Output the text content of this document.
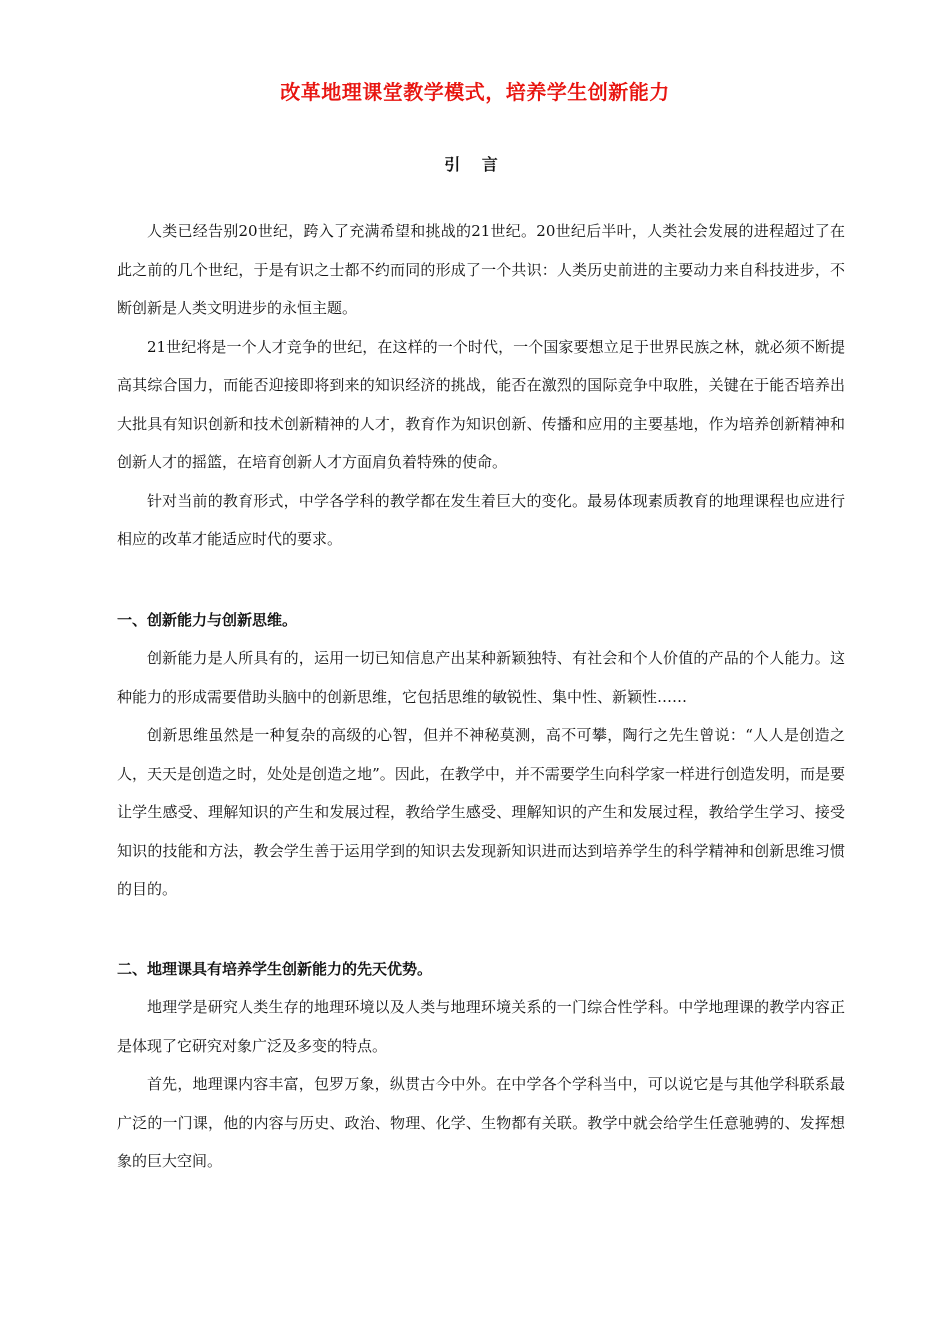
改革地理课堂教学模式，培养学生创新能力
引 言

人类已经告别20世纪，跨入了充满希望和挑战的21世纪。20世纪后半叶，人类社会发展的进程超过了在此之前的几个世纪，于是有识之士都不约而同的形成了一个共识：人类历史前进的主要动力来自科技进步，不断创新是人类文明进步的永恒主题。

21世纪将是一个人才竞争的世纪，在这样的一个时代，一个国家要想立足于世界民族之林，就必须不断提高其综合国力，而能否迎接即将到来的知识经济的挑战，能否在激烈的国际竞争中取胜，关键在于能否培养出大批具有知识创新和技术创新精神的人才，教育作为知识创新、传播和应用的主要基地，作为培养创新精神和创新人才的摇篮，在培育创新人才方面肩负着特殊的使命。

针对当前的教育形式，中学各学科的教学都在发生着巨大的变化。最易体现素质教育的地理课程也应进行相应的改革才能适应时代的要求。

一、创新能力与创新思维。

创新能力是人所具有的，运用一切已知信息产出某种新颖独特、有社会和个人价值的产品的个人能力。这种能力的形成需要借助头脑中的创新思维，它包括思维的敏锐性、集中性、新颖性……

创新思维虽然是一种复杂的高级的心智，但并不神秘莫测，高不可攀，陶行之先生曾说：“人人是创造之人，天天是创造之时，处处是创造之地”。因此，在教学中，并不需要学生向科学家一样进行创造发明，而是要让学生感受、理解知识的产生和发展过程，教给学生感受、理解知识的产生和发展过程，教给学生学习、接受知识的技能和方法，教会学生善于运用学到的知识去发现新知识进而达到培养学生的科学精神和创新思维习惯的目的。

二、地理课具有培养学生创新能力的先天优势。

地理学是研究人类生存的地理环境以及人类与地理环境关系的一门综合性学科。中学地理课的教学内容正是体现了它研究对象广泛及多变的特点。

首先，地理课内容丰富，包罗万象，纵贯古今中外。在中学各个学科当中，可以说它是与其他学科联系最广泛的一门课，他的内容与历史、政治、物理、化学、生物都有关联。教学中就会给学生任意驰骋的、发挥想象的巨大空间。
